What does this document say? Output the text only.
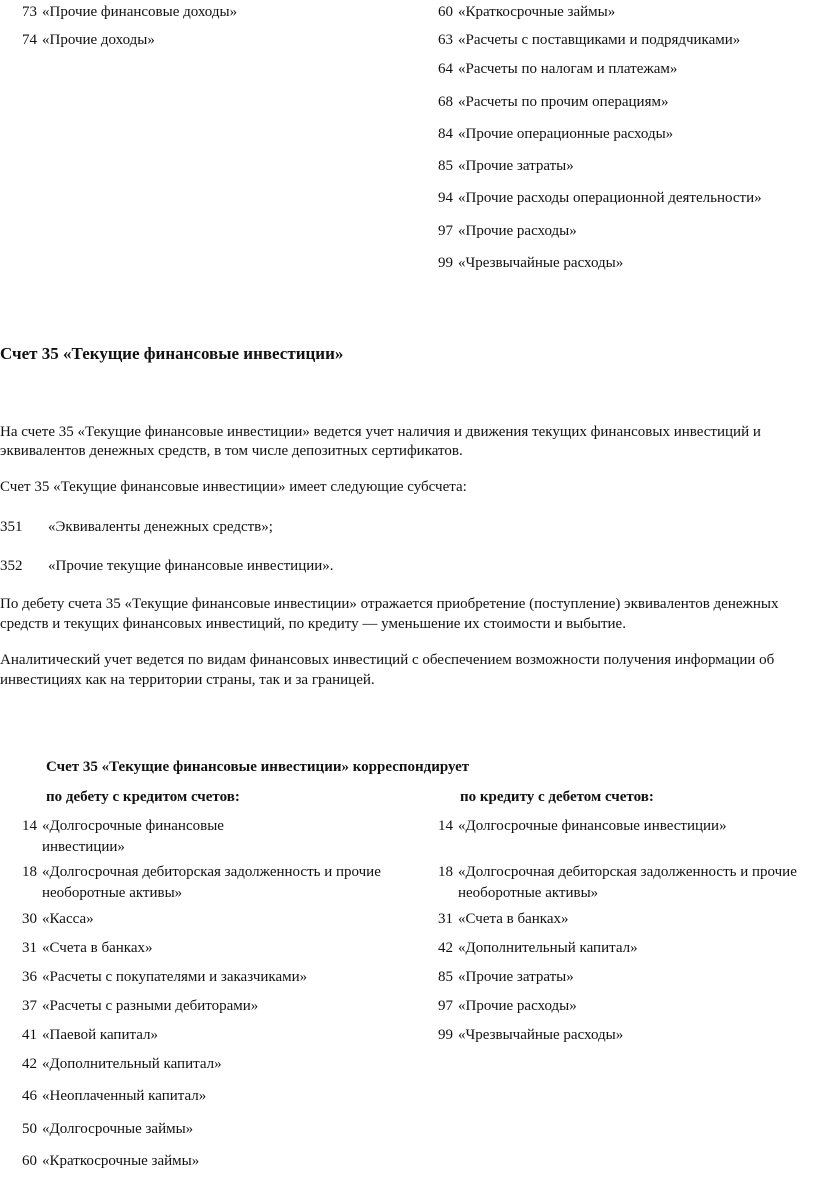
73 «Прочие финансовые доходы»
74 «Прочие доходы»
60 «Краткосрочные займы»
63 «Расчеты с поставщиками и подрядчиками»
64 «Расчеты по налогам и платежам»
68 «Расчеты по прочим операциям»
84 «Прочие операционные расходы»
85 «Прочие затраты»
94 «Прочие расходы операционной деятельности»
97 «Прочие расходы»
99 «Чрезвычайные расходы»
Счет 35 «Текущие финансовые инвестиции»
На счете 35 «Текущие финансовые инвестиции» ведется учет наличия и движения текущих финансовых инвестиций и
эквивалентов денежных средств, в том числе депозитных сертификатов.
Счет 35 «Текущие финансовые инвестиции» имеет следующие субсчета:
351 «Эквиваленты денежных средств»;
352 «Прочие текущие финансовые инвестиции».
По дебету счета 35 «Текущие финансовые инвестиции» отражается приобретение (поступление) эквивалентов денежных
средств и текущих финансовых инвестиций, по кредиту — уменьшение их стоимости и выбытие.
Аналитический учет ведется по видам финансовых инвестиций с обеспечением возможности получения информации об
инвестициях как на территории страны, так и за границей.
Счет 35 «Текущие финансовые инвестиции» корреспондирует
по дебету с кредитом счетов:	по кредиту с дебетом счетов:
14 «Долгосрочные финансовые
инвестиции»
18 «Долгосрочная дебиторская задолженность и прочие
необоротные активы»
30 «Касса»
31 «Счета в банках»
36 «Расчеты с покупателями и заказчиками»
37 «Расчеты с разными дебиторами»
41 «Паевой капитал»
42 «Дополнительный капитал»
46 «Неоплаченный капитал»
50 «Долгосрочные займы»
60 «Краткосрочные займы»
14 «Долгосрочные финансовые инвестиции»
18 «Долгосрочная дебиторская задолженность и прочие
необоротные активы»
31 «Счета в банках»
42 «Дополнительный капитал»
85 «Прочие затраты»
97 «Прочие расходы»
99 «Чрезвычайные расходы»
